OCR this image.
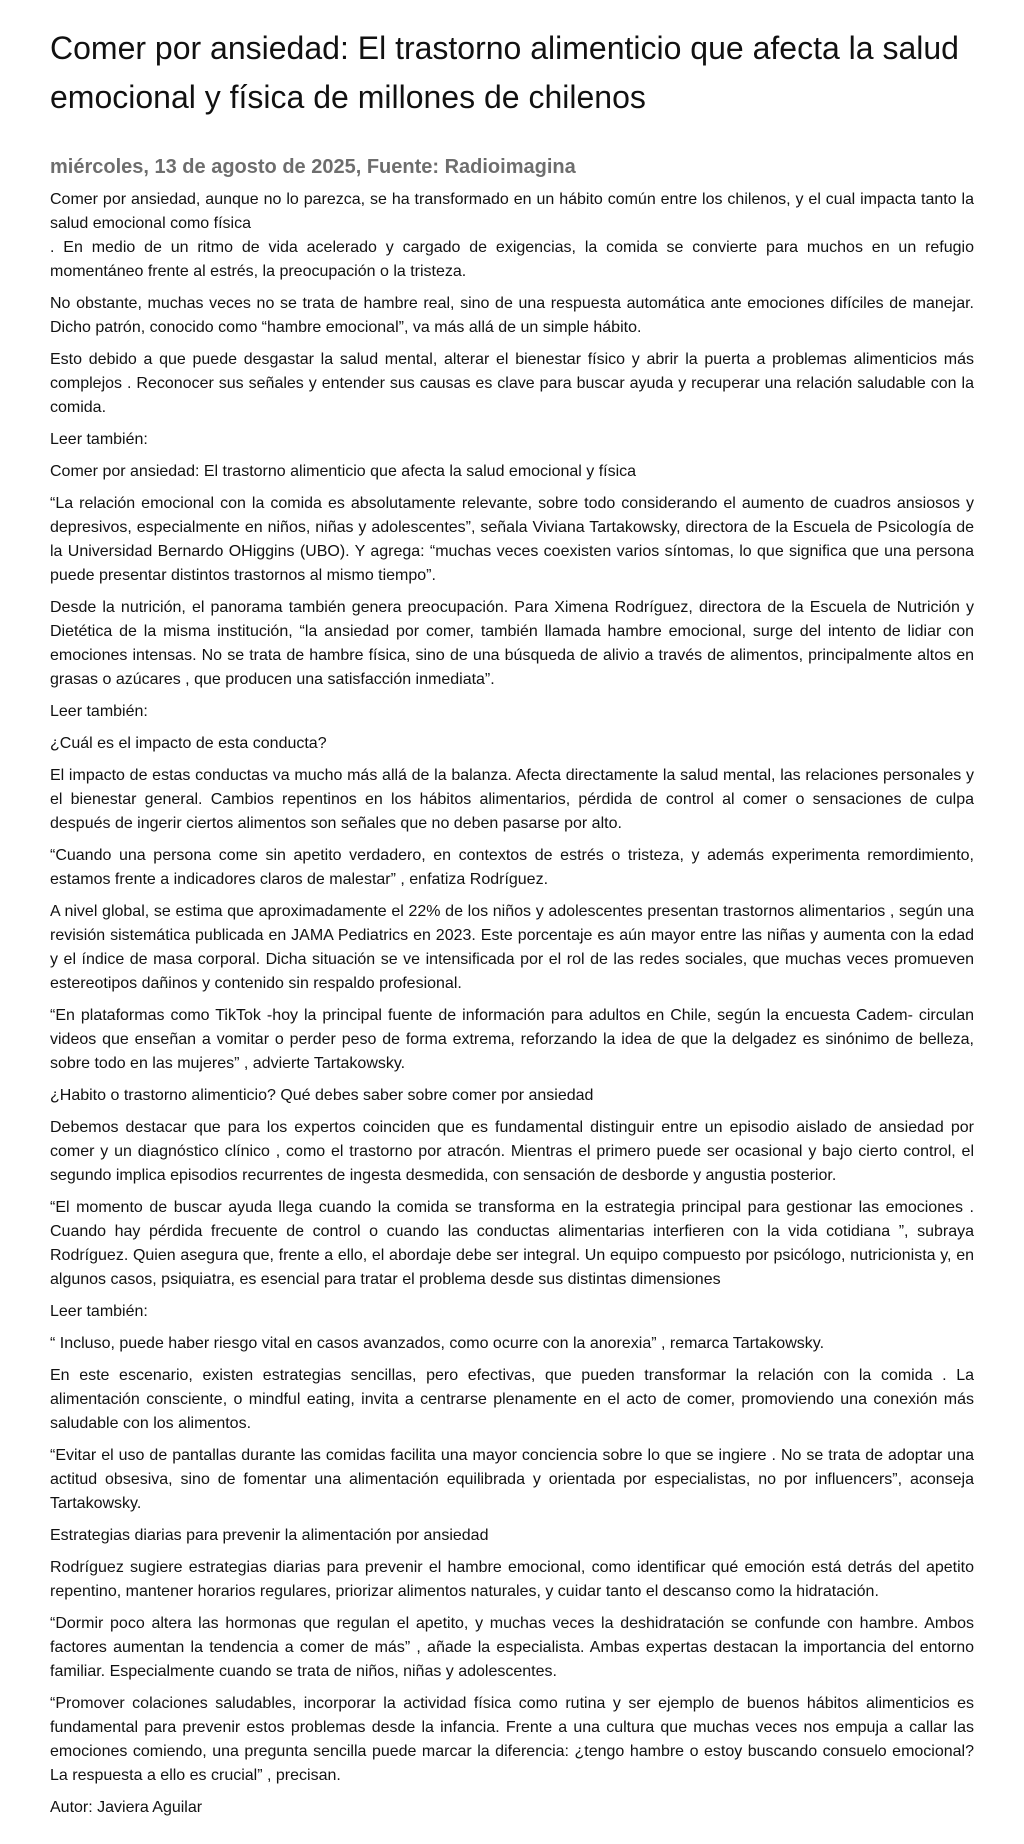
Comer por ansiedad: El trastorno alimenticio que afecta la salud emocional y física de millones de chilenos
miércoles, 13 de agosto de 2025, Fuente: Radioimagina

Comer por ansiedad, aunque no lo parezca, se ha transformado en un hábito común entre los chilenos, y el cual impacta tanto la salud emocional como física
. En medio de un ritmo de vida acelerado y cargado de exigencias, la comida se convierte para muchos en un refugio momentáneo frente al estrés, la preocupación o la tristeza.

No obstante, muchas veces no se trata de hambre real, sino de una respuesta automática ante emociones difíciles de manejar. Dicho patrón, conocido como “hambre emocional”, va más allá de un simple hábito.

Esto debido a que puede desgastar la salud mental, alterar el bienestar físico y abrir la puerta a problemas alimenticios más complejos . Reconocer sus señales y entender sus causas es clave para buscar ayuda y recuperar una relación saludable con la comida.

Leer también:

Comer por ansiedad: El trastorno alimenticio que afecta la salud emocional y física

“La relación emocional con la comida es absolutamente relevante, sobre todo considerando el aumento de cuadros ansiosos y depresivos, especialmente en niños, niñas y adolescentes”, señala Viviana Tartakowsky, directora de la Escuela de Psicología de la Universidad Bernardo OHiggins (UBO). Y agrega: “muchas veces coexisten varios síntomas, lo que significa que una persona puede presentar distintos trastornos al mismo tiempo”.

Desde la nutrición, el panorama también genera preocupación. Para Ximena Rodríguez, directora de la Escuela de Nutrición y Dietética de la misma institución, “la ansiedad por comer, también llamada hambre emocional, surge del intento de lidiar con emociones intensas. No se trata de hambre física, sino de una búsqueda de alivio a través de alimentos, principalmente altos en grasas o azúcares , que producen una satisfacción inmediata”.

Leer también:

¿Cuál es el impacto de esta conducta?

El impacto de estas conductas va mucho más allá de la balanza. Afecta directamente la salud mental, las relaciones personales y el bienestar general. Cambios repentinos en los hábitos alimentarios, pérdida de control al comer o sensaciones de culpa después de ingerir ciertos alimentos son señales que no deben pasarse por alto.

“Cuando una persona come sin apetito verdadero, en contextos de estrés o tristeza, y además experimenta remordimiento, estamos frente a indicadores claros de malestar” , enfatiza Rodríguez.

A nivel global, se estima que aproximadamente el 22% de los niños y adolescentes presentan trastornos alimentarios , según una revisión sistemática publicada en JAMA Pediatrics en 2023. Este porcentaje es aún mayor entre las niñas y aumenta con la edad y el índice de masa corporal. Dicha situación se ve intensificada por el rol de las redes sociales, que muchas veces promueven estereotipos dañinos y contenido sin respaldo profesional.

“En plataformas como TikTok -hoy la principal fuente de información para adultos en Chile, según la encuesta Cadem- circulan videos que enseñan a vomitar o perder peso de forma extrema, reforzando la idea de que la delgadez es sinónimo de belleza, sobre todo en las mujeres” , advierte Tartakowsky.

¿Habito o trastorno alimenticio? Qué debes saber sobre comer por ansiedad

Debemos destacar que para los expertos coinciden que es fundamental distinguir entre un episodio aislado de ansiedad por comer y un diagnóstico clínico , como el trastorno por atracón. Mientras el primero puede ser ocasional y bajo cierto control, el segundo implica episodios recurrentes de ingesta desmedida, con sensación de desborde y angustia posterior.

“El momento de buscar ayuda llega cuando la comida se transforma en la estrategia principal para gestionar las emociones . Cuando hay pérdida frecuente de control o cuando las conductas alimentarias interfieren con la vida cotidiana ”, subraya Rodríguez. Quien asegura que, frente a ello, el abordaje debe ser integral. Un equipo compuesto por psicólogo, nutricionista y, en algunos casos, psiquiatra, es esencial para tratar el problema desde sus distintas dimensiones

Leer también:

“ Incluso, puede haber riesgo vital en casos avanzados, como ocurre con la anorexia” , remarca Tartakowsky.

En este escenario, existen estrategias sencillas, pero efectivas, que pueden transformar la relación con la comida . La alimentación consciente, o mindful eating, invita a centrarse plenamente en el acto de comer, promoviendo una conexión más saludable con los alimentos.

“Evitar el uso de pantallas durante las comidas facilita una mayor conciencia sobre lo que se ingiere . No se trata de adoptar una actitud obsesiva, sino de fomentar una alimentación equilibrada y orientada por especialistas, no por influencers”, aconseja Tartakowsky.

Estrategias diarias para prevenir la alimentación por ansiedad

Rodríguez sugiere estrategias diarias para prevenir el hambre emocional, como identificar qué emoción está detrás del apetito repentino, mantener horarios regulares, priorizar alimentos naturales, y cuidar tanto el descanso como la hidratación.

“Dormir poco altera las hormonas que regulan el apetito, y muchas veces la deshidratación se confunde con hambre. Ambos factores aumentan la tendencia a comer de más” , añade la especialista. Ambas expertas destacan la importancia del entorno familiar. Especialmente cuando se trata de niños, niñas y adolescentes.

“Promover colaciones saludables, incorporar la actividad física como rutina y ser ejemplo de buenos hábitos alimenticios es fundamental para prevenir estos problemas desde la infancia. Frente a una cultura que muchas veces nos empuja a callar las emociones comiendo, una pregunta sencilla puede marcar la diferencia: ¿tengo hambre o estoy buscando consuelo emocional? La respuesta a ello es crucial” , precisan.

Autor: Javiera Aguilar
